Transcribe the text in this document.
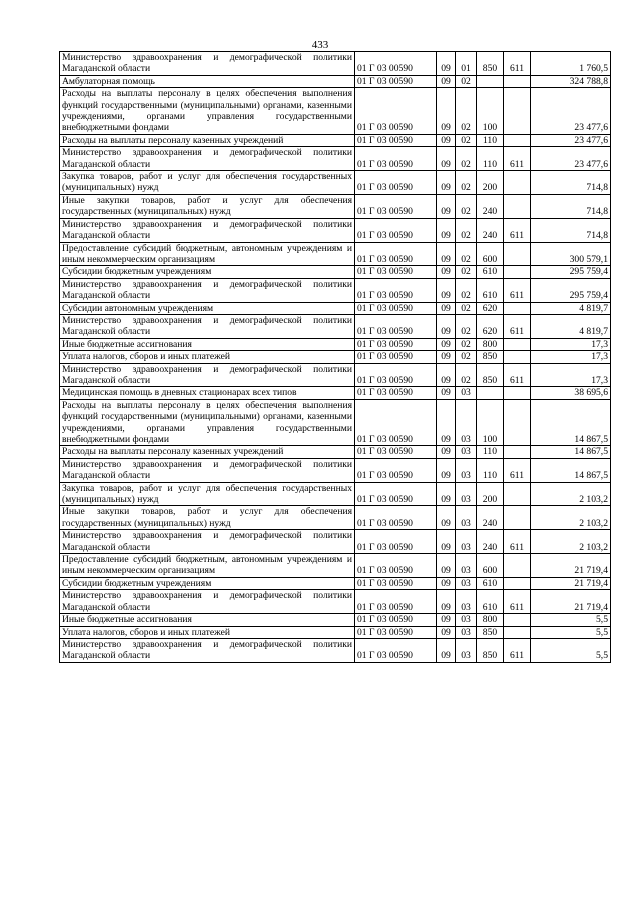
433
Министерство здравоохранения и демографической политики Магаданской области	01 Г 03 00590	09	01	850	611	1 760,5
Амбулаторная помощь	01 Г 03 00590	09	02			324 788,8
Расходы на выплаты персоналу в целях обеспечения выполнения функций государственными (муниципальными) органами, казенными учреждениями, органами управления государственными внебюджетными фондами	01 Г 03 00590	09	02	100		23 477,6
Расходы на выплаты персоналу казенных учреждений	01 Г 03 00590	09	02	110		23 477,6
Министерство здравоохранения и демографической политики Магаданской области	01 Г 03 00590	09	02	110	611	23 477,6
Закупка товаров, работ и услуг для обеспечения государственных (муниципальных) нужд	01 Г 03 00590	09	02	200		714,8
Иные закупки товаров, работ и услуг для обеспечения государственных (муниципальных) нужд	01 Г 03 00590	09	02	240		714,8
Министерство здравоохранения и демографической политики Магаданской области	01 Г 03 00590	09	02	240	611	714,8
Предоставление субсидий бюджетным, автономным учреждениям и иным некоммерческим организациям	01 Г 03 00590	09	02	600		300 579,1
Субсидии бюджетным учреждениям	01 Г 03 00590	09	02	610		295 759,4
Министерство здравоохранения и демографической политики Магаданской области	01 Г 03 00590	09	02	610	611	295 759,4
Субсидии автономным учреждениям	01 Г 03 00590	09	02	620		4 819,7
Министерство здравоохранения и демографической политики Магаданской области	01 Г 03 00590	09	02	620	611	4 819,7
Иные бюджетные ассигнования	01 Г 03 00590	09	02	800		17,3
Уплата налогов, сборов и иных платежей	01 Г 03 00590	09	02	850		17,3
Министерство здравоохранения и демографической политики Магаданской области	01 Г 03 00590	09	02	850	611	17,3
Медицинская помощь в дневных стационарах всех типов	01 Г 03 00590	09	03			38 695,6
Расходы на выплаты персоналу в целях обеспечения выполнения функций государственными (муниципальными) органами, казенными учреждениями, органами управления государственными внебюджетными фондами	01 Г 03 00590	09	03	100		14 867,5
Расходы на выплаты персоналу казенных учреждений	01 Г 03 00590	09	03	110		14 867,5
Министерство здравоохранения и демографической политики Магаданской области	01 Г 03 00590	09	03	110	611	14 867,5
Закупка товаров, работ и услуг для обеспечения государственных (муниципальных) нужд	01 Г 03 00590	09	03	200		2 103,2
Иные закупки товаров, работ и услуг для обеспечения государственных (муниципальных) нужд	01 Г 03 00590	09	03	240		2 103,2
Министерство здравоохранения и демографической политики Магаданской области	01 Г 03 00590	09	03	240	611	2 103,2
Предоставление субсидий бюджетным, автономным учреждениям и иным некоммерческим организациям	01 Г 03 00590	09	03	600		21 719,4
Субсидии бюджетным учреждениям	01 Г 03 00590	09	03	610		21 719,4
Министерство здравоохранения и демографической политики Магаданской области	01 Г 03 00590	09	03	610	611	21 719,4
Иные бюджетные ассигнования	01 Г 03 00590	09	03	800		5,5
Уплата налогов, сборов и иных платежей	01 Г 03 00590	09	03	850		5,5
Министерство здравоохранения и демографической политики Магаданской области	01 Г 03 00590	09	03	850	611	5,5
